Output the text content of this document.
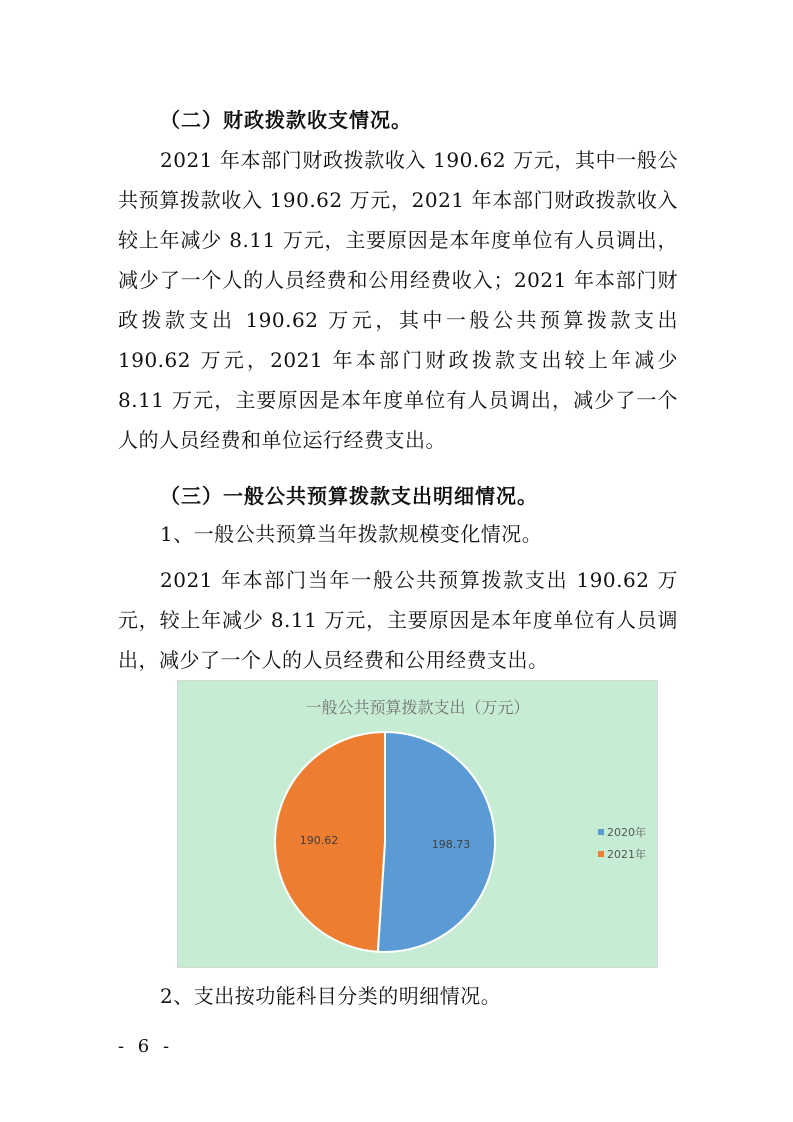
（二）财政拨款收支情况。
2021 年本部门财政拨款收入 190.62 万元，其中一般公共预算拨款收入 190.62 万元，2021 年本部门财政拨款收入较上年减少 8.11 万元，主要原因是本年度单位有人员调出，减少了一个人的人员经费和公用经费收入；2021 年本部门财政拨款支出 190.62 万元，其中一般公共预算拨款支出 190.62 万元，2021 年本部门财政拨款支出较上年减少 8.11 万元，主要原因是本年度单位有人员调出，减少了一个人的人员经费和单位运行经费支出。
（三）一般公共预算拨款支出明细情况。
1、一般公共预算当年拨款规模变化情况。
2021 年本部门当年一般公共预算拨款支出 190.62 万元，较上年减少 8.11 万元，主要原因是本年度单位有人员调出，减少了一个人的人员经费和公用经费支出。
一般公共预算拨款支出（万元）
198.73
190.62
2020年
2021年
2、支出按功能科目分类的明细情况。
- 6 -
